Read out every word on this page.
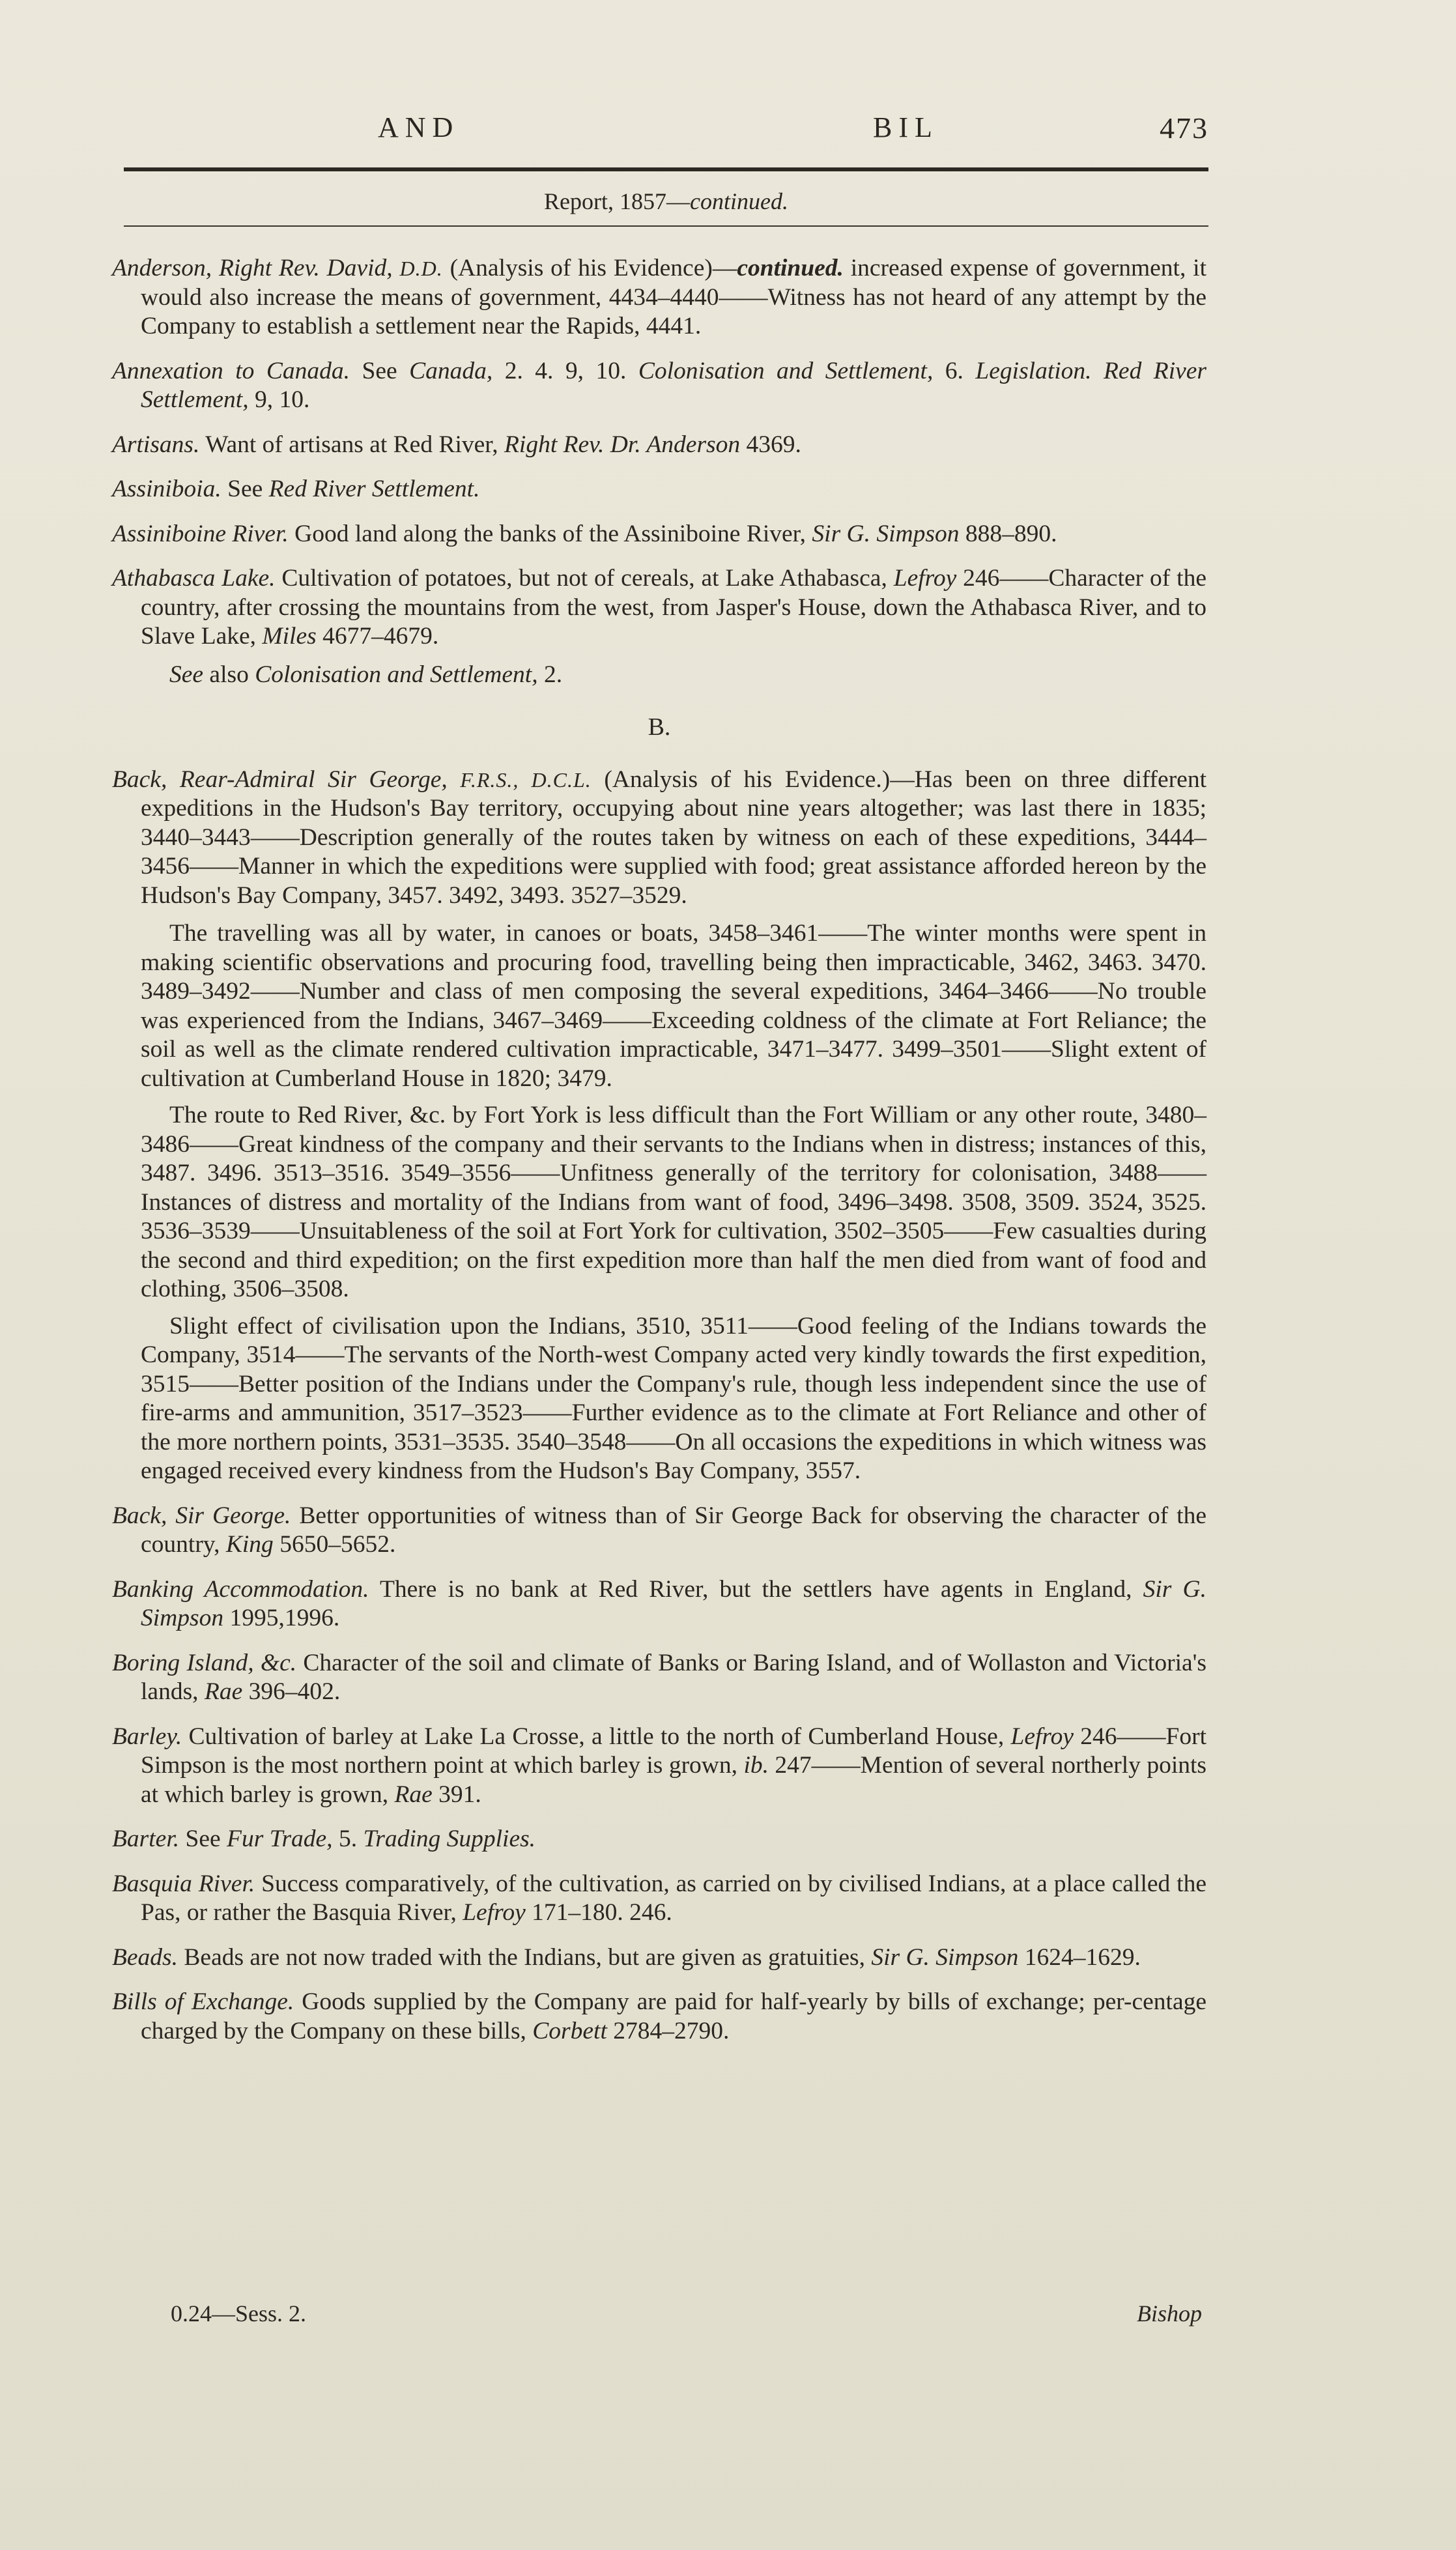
AND	BIL	473
Report, 1857—continued.

Anderson, Right Rev. David, D.D. (Analysis of his Evidence)—continued. increased expense of government, it would also increase the means of government, 4434–4440——Witness has not heard of any attempt by the Company to establish a settlement near the Rapids, 4441.

Annexation to Canada. See Canada, 2. 4. 9, 10. Colonisation and Settlement, 6. Legislation. Red River Settlement, 9, 10.

Artisans. Want of artisans at Red River, Right Rev. Dr. Anderson 4369.

Assiniboia. See Red River Settlement.

Assiniboine River. Good land along the banks of the Assiniboine River, Sir G. Simpson 888–890.

Athabasca Lake. Cultivation of potatoes, but not of cereals, at Lake Athabasca, Lefroy 246——Character of the country, after crossing the mountains from the west, from Jasper's House, down the Athabasca River, and to Slave Lake, Miles 4677–4679.

See also Colonisation and Settlement, 2.

B.

Back, Rear-Admiral Sir George, F.R.S., D.C.L. (Analysis of his Evidence.)—Has been on three different expeditions in the Hudson's Bay territory, occupying about nine years altogether; was last there in 1835; 3440–3443——Description generally of the routes taken by witness on each of these expeditions, 3444–3456——Manner in which the expeditions were supplied with food; great assistance afforded hereon by the Hudson's Bay Company, 3457. 3492, 3493. 3527–3529.

The travelling was all by water, in canoes or boats, 3458–3461——The winter months were spent in making scientific observations and procuring food, travelling being then impracticable, 3462, 3463. 3470. 3489–3492——Number and class of men composing the several expeditions, 3464–3466——No trouble was experienced from the Indians, 3467–3469——Exceeding coldness of the climate at Fort Reliance; the soil as well as the climate rendered cultivation impracticable, 3471–3477. 3499–3501——Slight extent of cultivation at Cumberland House in 1820; 3479.

The route to Red River, &c. by Fort York is less difficult than the Fort William or any other route, 3480–3486——Great kindness of the company and their servants to the Indians when in distress; instances of this, 3487. 3496. 3513–3516. 3549–3556——Unfitness generally of the territory for colonisation, 3488——Instances of distress and mortality of the Indians from want of food, 3496–3498. 3508, 3509. 3524, 3525. 3536–3539——Unsuitableness of the soil at Fort York for cultivation, 3502–3505——Few casualties during the second and third expedition; on the first expedition more than half the men died from want of food and clothing, 3506–3508.

Slight effect of civilisation upon the Indians, 3510, 3511——Good feeling of the Indians towards the Company, 3514——The servants of the North-west Company acted very kindly towards the first expedition, 3515——Better position of the Indians under the Company's rule, though less independent since the use of fire-arms and ammunition, 3517–3523——Further evidence as to the climate at Fort Reliance and other of the more northern points, 3531–3535. 3540–3548——On all occasions the expeditions in which witness was engaged received every kindness from the Hudson's Bay Company, 3557.

Back, Sir George. Better opportunities of witness than of Sir George Back for observing the character of the country, King 5650–5652.

Banking Accommodation. There is no bank at Red River, but the settlers have agents in England, Sir G. Simpson 1995,1996.

Boring Island, &c. Character of the soil and climate of Banks or Baring Island, and of Wollaston and Victoria's lands, Rae 396–402.

Barley. Cultivation of barley at Lake La Crosse, a little to the north of Cumberland House, Lefroy 246——Fort Simpson is the most northern point at which barley is grown, ib. 247——Mention of several northerly points at which barley is grown, Rae 391.

Barter. See Fur Trade, 5. Trading Supplies.

Basquia River. Success comparatively, of the cultivation, as carried on by civilised Indians, at a place called the Pas, or rather the Basquia River, Lefroy 171–180. 246.

Beads. Beads are not now traded with the Indians, but are given as gratuities, Sir G. Simpson 1624–1629.

Bills of Exchange. Goods supplied by the Company are paid for half-yearly by bills of exchange; per-centage charged by the Company on these bills, Corbett 2784–2790.

0.24—Sess. 2.	Bishop
